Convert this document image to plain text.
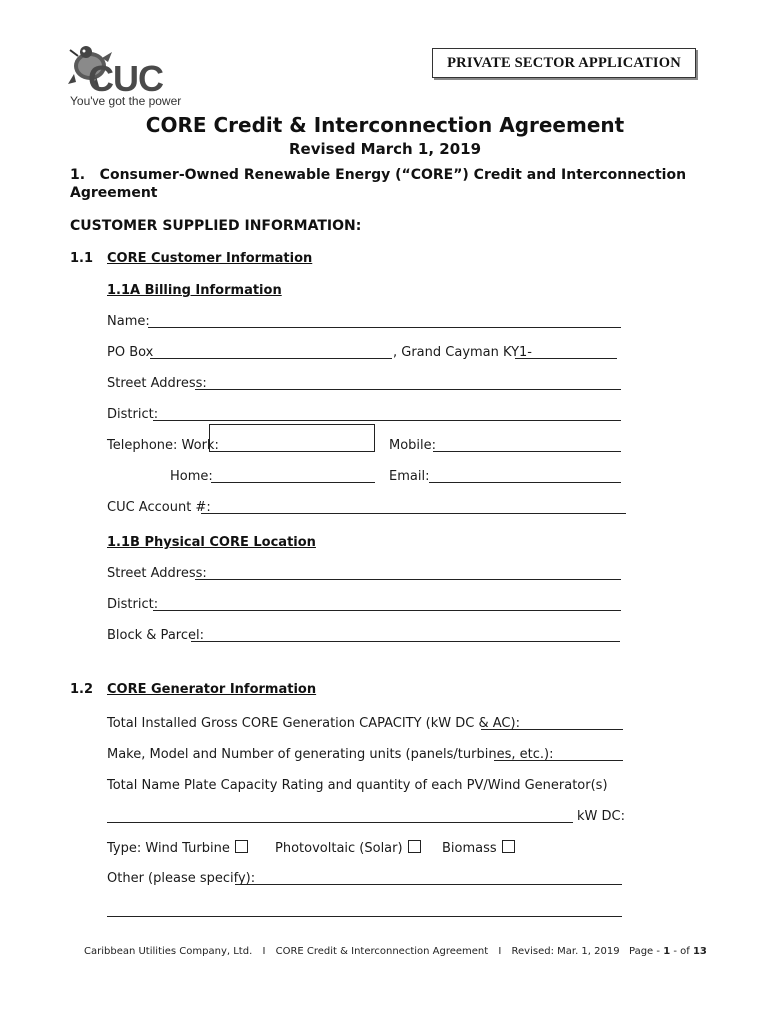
CUC
You've got the power
PRIVATE SECTOR APPLICATION
CORE Credit & Interconnection Agreement
Revised March 1, 2019
1.   Consumer-Owned Renewable Energy (“CORE”) Credit and Interconnection
Agreement
CUSTOMER SUPPLIED INFORMATION:
1.1 CORE Customer Information
1.1A Billing Information
Name:
PO Box	, Grand Cayman KY1-
Street Address:
District:
Telephone: Work:	Mobile:
Home:	Email:
CUC Account #:
1.1B Physical CORE Location
Street Address:
District:
Block & Parcel:
1.2 CORE Generator Information
Total Installed Gross CORE Generation CAPACITY (kW DC & AC):
Make, Model and Number of generating units (panels/turbines, etc.):
Total Name Plate Capacity Rating and quantity of each PV/Wind Generator(s)
kW DC:
Type: Wind Turbine	Photovoltaic (Solar)	Biomass
Other (please specify):
Caribbean Utilities Company, Ltd. I CORE Credit & Interconnection Agreement I Revised: Mar. 1, 2019 Page - 1 - of 13
